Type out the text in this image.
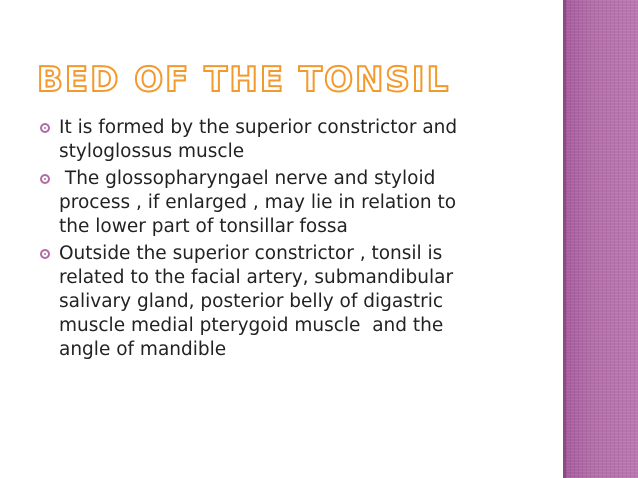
BED OF THE TONSIL
It is formed by the superior constrictor and
styloglossus muscle
The glossopharyngael nerve and styloid
process , if enlarged , may lie in relation to
the lower part of tonsillar fossa
Outside the superior constrictor , tonsil is
related to the facial artery, submandibular
salivary gland, posterior belly of digastric
muscle medial pterygoid muscle  and the
angle of mandible
